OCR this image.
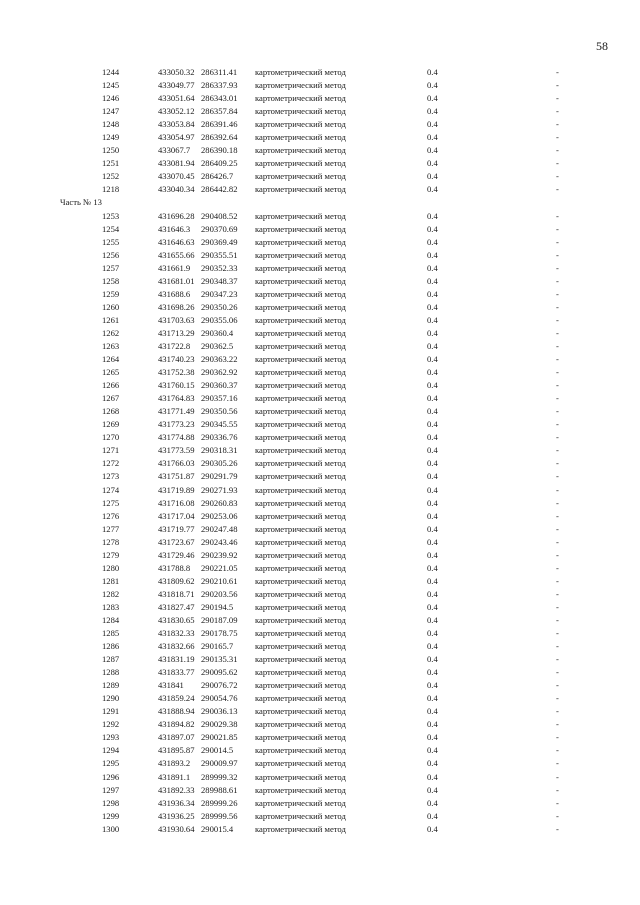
58
1244	433050.32 286311.41 картометрический метод	0.4	-
1245	433049.77 286337.93 картометрический метод	0.4	-
1246	433051.64 286343.01 картометрический метод	0.4	-
1247	433052.12 286357.84 картометрический метод	0.4	-
1248	433053.84 286391.46 картометрический метод	0.4	-
1249	433054.97 286392.64 картометрический метод	0.4	-
1250	433067.7 286390.18 картометрический метод	0.4	-
1251	433081.94 286409.25 картометрический метод	0.4	-
1252	433070.45 286426.7	картометрический метод	0.4	-
1218	433040.34 286442.82 картометрический метод	0.4	-
Часть № 13
1253	431696.28 290408.52 картометрический метод	0.4	-
1254	431646.3 290370.69 картометрический метод	0.4	-
1255	431646.63 290369.49 картометрический метод	0.4	-
1256	431655.66 290355.51 картометрический метод	0.4	-
1257	431661.9 290352.33 картометрический метод	0.4	-
1258	431681.01 290348.37 картометрический метод	0.4	-
1259	431688.6 290347.23 картометрический метод	0.4	-
1260	431698.26 290350.26 картометрический метод	0.4	-
1261	431703.63 290355.06 картометрический метод	0.4	-
1262	431713.29 290360.4	картометрический метод	0.4	-
1263	431722.8 290362.5	картометрический метод	0.4	-
1264	431740.23 290363.22 картометрический метод	0.4	-
1265	431752.38 290362.92 картометрический метод	0.4	-
1266	431760.15 290360.37 картометрический метод	0.4	-
1267	431764.83 290357.16 картометрический метод	0.4	-
1268	431771.49 290350.56 картометрический метод	0.4	-
1269	431773.23 290345.55 картометрический метод	0.4	-
1270	431774.88 290336.76 картометрический метод	0.4	-
1271	431773.59 290318.31 картометрический метод	0.4	-
1272	431766.03 290305.26 картометрический метод	0.4	-
1273	431751.87 290291.79 картометрический метод	0.4	-
1274	431719.89 290271.93 картометрический метод	0.4	-
1275	431716.08 290260.83 картометрический метод	0.4	-
1276	431717.04 290253.06 картометрический метод	0.4	-
1277	431719.77 290247.48 картометрический метод	0.4	-
1278	431723.67 290243.46 картометрический метод	0.4	-
1279	431729.46 290239.92 картометрический метод	0.4	-
1280	431788.8 290221.05 картометрический метод	0.4	-
1281	431809.62 290210.61 картометрический метод	0.4	-
1282	431818.71 290203.56 картометрический метод	0.4	-
1283	431827.47 290194.5	картометрический метод	0.4	-
1284	431830.65 290187.09 картометрический метод	0.4	-
1285	431832.33 290178.75 картометрический метод	0.4	-
1286	431832.66 290165.7	картометрический метод	0.4	-
1287	431831.19 290135.31 картометрический метод	0.4	-
1288	431833.77 290095.62 картометрический метод	0.4	-
1289	431841 290076.72 картометрический метод	0.4	-
1290	431859.24 290054.76 картометрический метод	0.4	-
1291	431888.94 290036.13 картометрический метод	0.4	-
1292	431894.82 290029.38 картометрический метод	0.4	-
1293	431897.07 290021.85 картометрический метод	0.4	-
1294	431895.87 290014.5	картометрический метод	0.4	-
1295	431893.2 290009.97 картометрический метод	0.4	-
1296	431891.1 289999.32 картометрический метод	0.4	-
1297	431892.33 289988.61 картометрический метод	0.4	-
1298	431936.34 289999.26 картометрический метод	0.4	-
1299	431936.25 289999.56 картометрический метод	0.4	-
1300	431930.64 290015.4	картометрический метод	0.4	-
